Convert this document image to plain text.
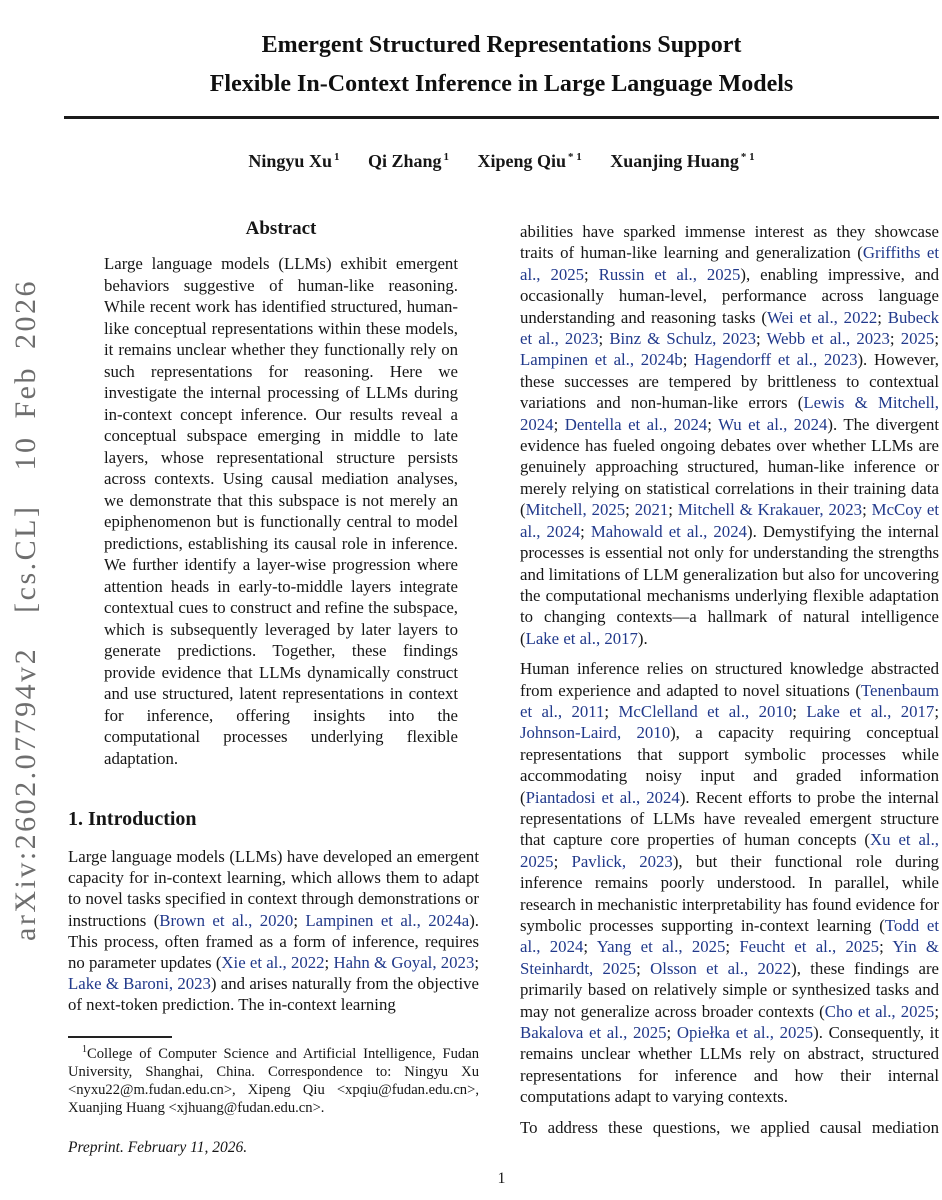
arXiv:2602.07794v2  [cs.CL]  10 Feb 2026
Emergent Structured Representations Support
Flexible In-Context Inference in Large Language Models
Ningyu Xu $^1$ Qi Zhang $^1$ Xipeng Qiu $^{* 1}$ Xuanjing Huang $^{* 1}$
Abstract
Large language models (LLMs) exhibit emergent behaviors suggestive of human-like reasoning. While recent work has identified structured, human-like conceptual representations within these models, it remains unclear whether they functionally rely on such representations for reasoning. Here we investigate the internal processing of LLMs during in-context concept inference. Our results reveal a conceptual subspace emerging in middle to late layers, whose representational structure persists across contexts. Using causal mediation analyses, we demonstrate that this subspace is not merely an epiphenomenon but is functionally central to model predictions, establishing its causal role in inference. We further identify a layer-wise progression where attention heads in early-to-middle layers integrate contextual cues to construct and refine the subspace, which is subsequently leveraged by later layers to generate predictions. Together, these findings provide evidence that LLMs dynamically construct and use structured, latent representations in context for inference, offering insights into the computational processes underlying flexible adaptation.
1. Introduction
Large language models (LLMs) have developed an emergent capacity for in-context learning, which allows them to adapt to novel tasks specified in context through demonstrations or instructions (Brown et al., 2020; Lampinen et al., 2024a). This process, often framed as a form of inference, requires no parameter updates (Xie et al., 2022; Hahn & Goyal, 2023; Lake & Baroni, 2023) and arises naturally from the objective of next-token prediction. The in-context learning
$^1$College of Computer Science and Artificial Intelligence, Fudan University, Shanghai, China. Correspondence to: Ningyu Xu <nyxu22@m.fudan.edu.cn>, Xipeng Qiu <xpqiu@fudan.edu.cn>, Xuanjing Huang <xjhuang@fudan.edu.cn>.
Preprint. February 11, 2026.

abilities have sparked immense interest as they showcase traits of human-like learning and generalization (Griffiths et al., 2025; Russin et al., 2025), enabling impressive, and occasionally human-level, performance across language understanding and reasoning tasks (Wei et al., 2022; Bubeck et al., 2023; Binz & Schulz, 2023; Webb et al., 2023; 2025; Lampinen et al., 2024b; Hagendorff et al., 2023). However, these successes are tempered by brittleness to contextual variations and non-human-like errors (Lewis & Mitchell, 2024; Dentella et al., 2024; Wu et al., 2024). The divergent evidence has fueled ongoing debates over whether LLMs are genuinely approaching structured, human-like inference or merely relying on statistical correlations in their training data (Mitchell, 2025; 2021; Mitchell & Krakauer, 2023; McCoy et al., 2024; Mahowald et al., 2024). Demystifying the internal processes is essential not only for understanding the strengths and limitations of LLM generalization but also for uncovering the computational mechanisms underlying flexible adaptation to changing contexts—a hallmark of natural intelligence (Lake et al., 2017).

Human inference relies on structured knowledge abstracted from experience and adapted to novel situations (Tenenbaum et al., 2011; McClelland et al., 2010; Lake et al., 2017; Johnson-Laird, 2010), a capacity requiring conceptual representations that support symbolic processes while accommodating noisy input and graded information (Piantadosi et al., 2024). Recent efforts to probe the internal representations of LLMs have revealed emergent structure that capture core properties of human concepts (Xu et al., 2025; Pavlick, 2023), but their functional role during inference remains poorly understood. In parallel, while research in mechanistic interpretability has found evidence for symbolic processes supporting in-context learning (Todd et al., 2024; Yang et al., 2025; Feucht et al., 2025; Yin & Steinhardt, 2025; Olsson et al., 2022), these findings are primarily based on relatively simple or synthesized tasks and may not generalize across broader contexts (Cho et al., 2025; Bakalova et al., 2025; Opiełka et al., 2025). Consequently, it remains unclear whether LLMs rely on abstract, structured representations for inference and how their internal computations adapt to varying contexts.

To address these questions, we applied causal mediation

1
